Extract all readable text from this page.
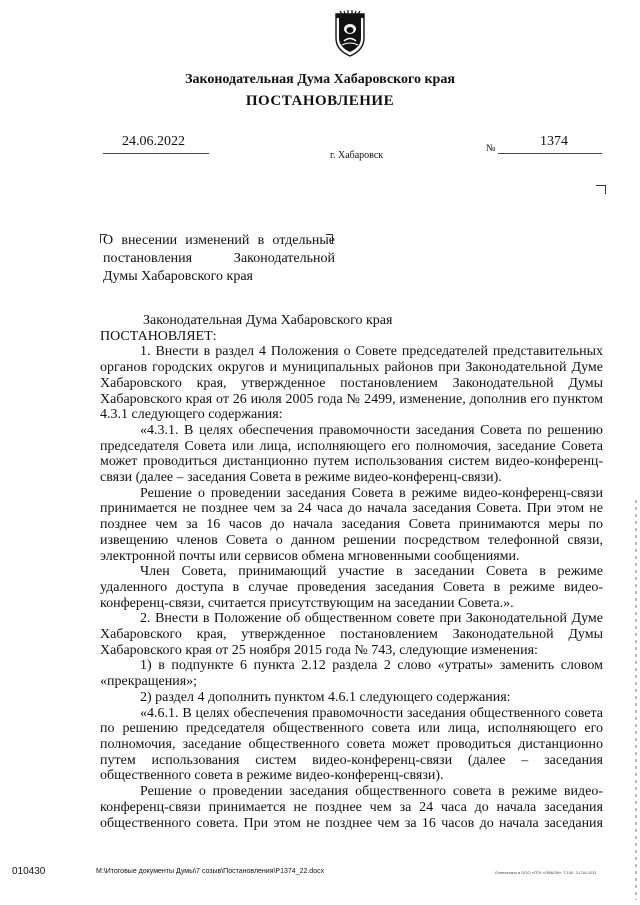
Законодательная Дума Хабаровского края
ПОСТАНОВЛЕНИЕ
24.06.2022
г. Хабаровск
№	1374
О внесении изменений в отдельные
постановления Законодательной
Думы Хабаровского края

Законодательная Дума Хабаровского края

ПОСТАНОВЛЯЕТ:

1. Внести в раздел 4 Положения о Совете председателей представительных органов городских округов и муниципальных районов при Законодательной Думе Хабаровского края, утвержденное постановлением Законодательной Думы Хабаровского края от 26 июля 2005 года № 2499, изменение, дополнив его пунктом 4.3.1 следующего содержания:

«4.3.1. В целях обеспечения правомочности заседания Совета по решению председателя Совета или лица, исполняющего его полномочия, заседание Совета может проводиться дистанционно путем использования систем видео-конференц-связи (далее – заседания Совета в режиме видео-конференц-связи).

Решение о проведении заседания Совета в режиме видео-конференц-связи принимается не позднее чем за 24 часа до начала заседания Совета. При этом не позднее чем за 16 часов до начала заседания Совета принимаются меры по извещению членов Совета о данном решении посредством телефонной связи, электронной почты или сервисов обмена мгновенными сообщениями.

Член Совета, принимающий участие в заседании Совета в режиме удаленного доступа в случае проведения заседания Совета в режиме видео-конференц-связи, считается присутствующим на заседании Совета.».

2. Внести в Положение об общественном совете при Законодательной Думе Хабаровского края, утвержденное постановлением Законодательной Думы Хабаровского края от 25 ноября 2015 года № 743, следующие изменения:

1) в подпункте 6 пункта 2.12 раздела 2 слово «утраты» заменить словом «прекращения»;

2) раздел 4 дополнить пунктом 4.6.1 следующего содержания:

«4.6.1. В целях обеспечения правомочности заседания общественного совета по решению председателя общественного совета или лица, исполняющего его полномочия, заседание общественного совета может проводиться дистанционно путем использования систем видео-конференц-связи (далее – заседания общественного совета в режиме видео-конференц-связи).

Решение о проведении заседания общественного совета в режиме видео-конференц-связи принимается не позднее чем за 24 часа до начала заседания общественного совета. При этом не позднее чем за 16 часов до начала заседания

010430	М:\Итоговые документы Думы\7 созыв\Постановления\P1374_22.docx	Отпечатано в ООО «ПТК «ОВБОВ». Т.100. З-С16-1011
